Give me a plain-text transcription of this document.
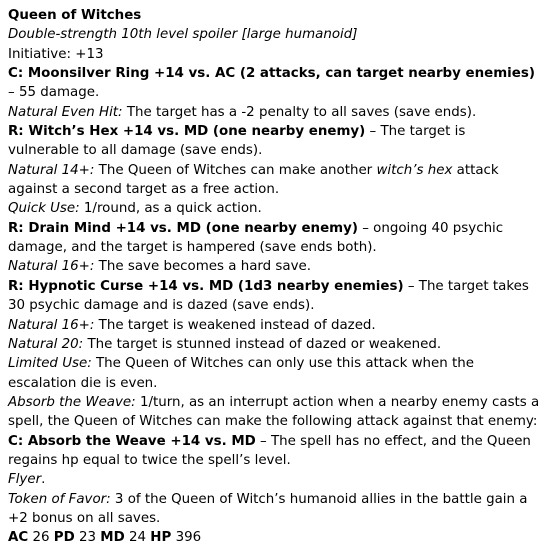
Queen of Witches

Double-strength 10th level spoiler [large humanoid]

Initiative: +13

C: Moonsilver Ring +14 vs. AC (2 attacks, can target nearby enemies) – 55 damage.

Natural Even Hit: The target has a -2 penalty to all saves (save ends).

R: Witch’s Hex +14 vs. MD (one nearby enemy) – The target is vulnerable to all damage (save ends).

Natural 14+: The Queen of Witches can make another witch’s hex attack against a second target as a free action.

Quick Use: 1/round, as a quick action.

R: Drain Mind +14 vs. MD (one nearby enemy) – ongoing 40 psychic damage, and the target is hampered (save ends both).

Natural 16+: The save becomes a hard save.

R: Hypnotic Curse +14 vs. MD (1d3 nearby enemies) – The target takes 30 psychic damage and is dazed (save ends).

Natural 16+: The target is weakened instead of dazed.

Natural 20: The target is stunned instead of dazed or weakened.

Limited Use: The Queen of Witches can only use this attack when the escalation die is even.

Absorb the Weave: 1/turn, as an interrupt action when a nearby enemy casts a spell, the Queen of Witches can make the following attack against that enemy:

C: Absorb the Weave +14 vs. MD – The spell has no effect, and the Queen regains hp equal to twice the spell’s level.

Flyer.

Token of Favor: 3 of the Queen of Witch’s humanoid allies in the battle gain a +2 bonus on all saves.

AC 26 PD 23 MD 24 HP 396
